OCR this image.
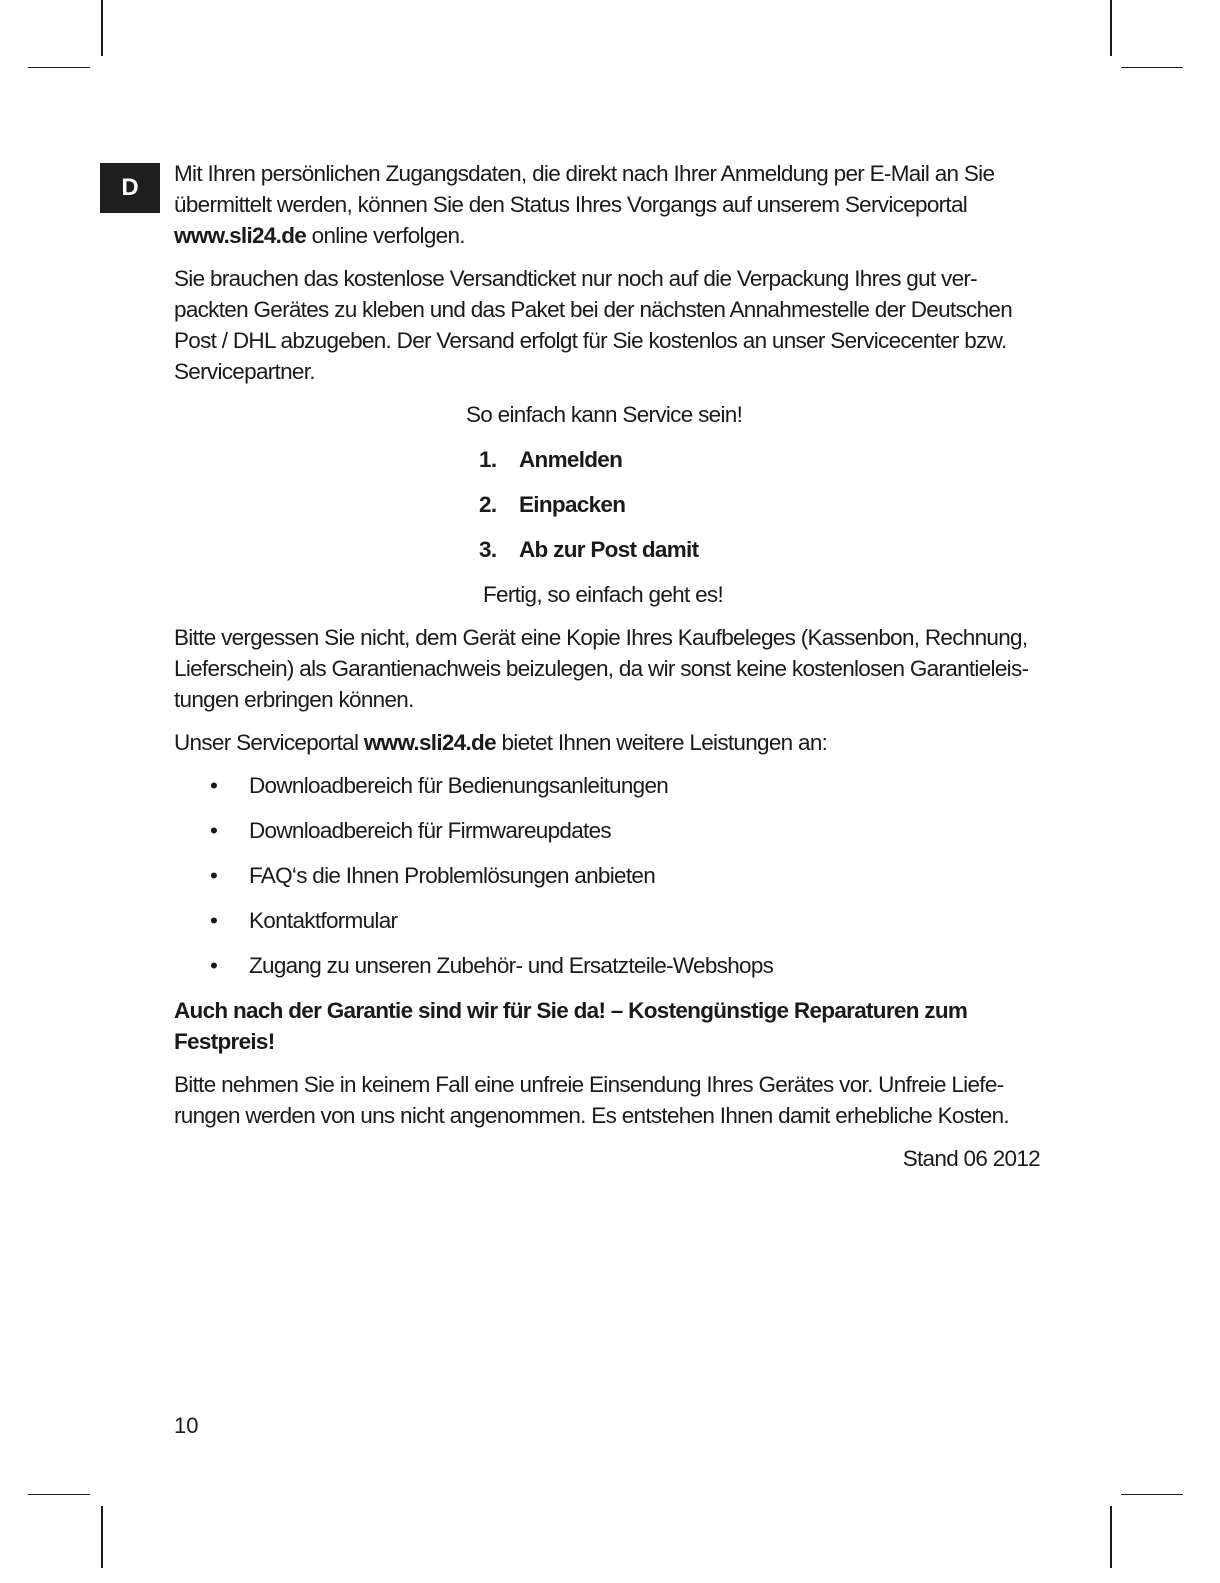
D

Mit Ihren persönlichen Zugangsdaten, die direkt nach Ihrer Anmeldung per E-Mail an Sie übermittelt werden, können Sie den Status Ihres Vorgangs auf unserem Serviceportal www.sli24.de online verfolgen.

Sie brauchen das kostenlose Versandticket nur noch auf die Verpackung Ihres gut ver-packten Gerätes zu kleben und das Paket bei der nächsten Annahmestelle der Deutschen Post / DHL abzugeben. Der Versand erfolgt für Sie kostenlos an unser Servicecenter bzw. Servicepartner.

So einfach kann Service sein!

1.	Anmelden
2.	Einpacken
3.	Ab zur Post damit

Fertig, so einfach geht es!

Bitte vergessen Sie nicht, dem Gerät eine Kopie Ihres Kaufbeleges (Kassenbon, Rechnung, Lieferschein) als Garantienachweis beizulegen, da wir sonst keine kostenlosen Garantieleis-tungen erbringen können.

Unser Serviceportal www.sli24.de bietet Ihnen weitere Leistungen an:

•	Downloadbereich für Bedienungsanleitungen
•	Downloadbereich für Firmwareupdates
•	FAQ‘s die Ihnen Problemlösungen anbieten
•	Kontaktformular
•	Zugang zu unseren Zubehör- und Ersatzteile-Webshops

Auch nach der Garantie sind wir für Sie da! – Kostengünstige Reparaturen zum Festpreis!

Bitte nehmen Sie in keinem Fall eine unfreie Einsendung Ihres Gerätes vor. Unfreie Liefe-rungen werden von uns nicht angenommen. Es entstehen Ihnen damit erhebliche Kosten.

Stand 06 2012

10
